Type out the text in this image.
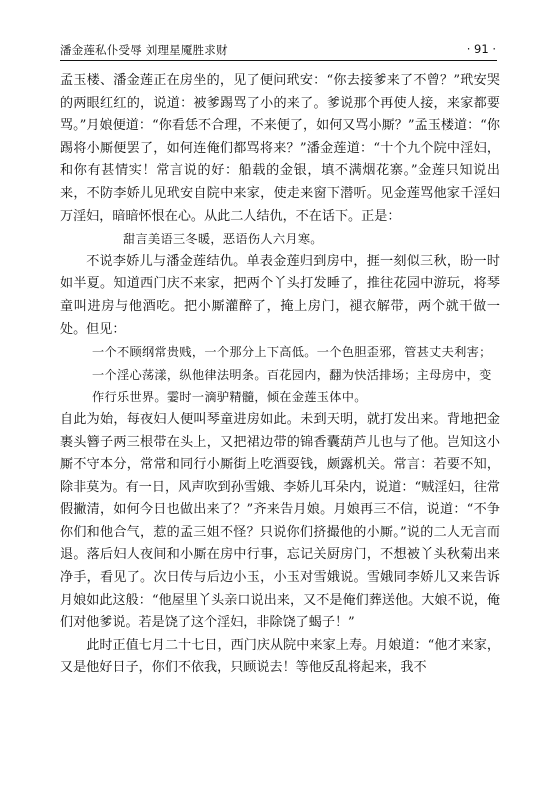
潘金莲私仆受辱 刘理星魇胜求财	· 91 ·

孟玉楼、潘金莲正在房坐的，见了便问玳安：“你去接爹来了不曾？”玳安哭的两眼红红的，说道：被爹踢骂了小的来了。爹说那个再使人接，来家都要骂。”月娘便道：“你看恁不合理，不来便了，如何又骂小厮？”孟玉楼道：“你踢将小厮便罢了，如何连俺们都骂将来？”潘金莲道：“十个九个院中淫妇，和你有甚情实！常言说的好：船载的金银，填不满烟花寨。”金莲只知说出来，不防李娇儿见玳安自院中来家，使走来窗下潜听。见金莲骂他家千淫妇万淫妇，暗暗怀恨在心。从此二人结仇，不在话下。正是：

甜言美语三冬暖，恶语伤人六月寒。

不说李娇儿与潘金莲结仇。单表金莲归到房中，捱一刻似三秋，盼一时如半夏。知道西门庆不来家，把两个丫头打发睡了，推往花园中游玩，将琴童叫进房与他酒吃。把小厮灌醉了，掩上房门，褪衣解带，两个就干做一处。但见：

一个不顾纲常贵贱，一个那分上下高低。一个色胆歪邪，管甚丈夫利害；一个淫心荡漾，纵他律法明条。百花园内，翻为快活排场；主母房中，变作行乐世界。霎时一滴驴精髓，倾在金莲玉体中。

自此为始，每夜妇人便叫琴童进房如此。未到天明，就打发出来。背地把金裹头簪子两三根带在头上，又把裙边带的锦香囊葫芦儿也与了他。岂知这小厮不守本分，常常和同行小厮街上吃酒耍钱，颇露机关。常言：若要不知，除非莫为。有一日，风声吹到孙雪娥、李娇儿耳朵内，说道：“贼淫妇，往常假撇清，如何今日也做出来了？”齐来告月娘。月娘再三不信，说道：“不争你们和他合气，惹的孟三姐不怪？只说你们挤撮他的小厮。”说的二人无言而退。落后妇人夜间和小厮在房中行事，忘记关厨房门，不想被丫头秋菊出来净手，看见了。次日传与后边小玉，小玉对雪娥说。雪娥同李娇儿又来告诉月娘如此这般：“他屋里丫头亲口说出来，又不是俺们葬送他。大娘不说，俺们对他爹说。若是饶了这个淫妇，非除饶了蝎子！”

此时正值七月二十七日，西门庆从院中来家上寿。月娘道：“他才来家，又是他好日子，你们不依我，只顾说去！等他反乱将起来，我不
